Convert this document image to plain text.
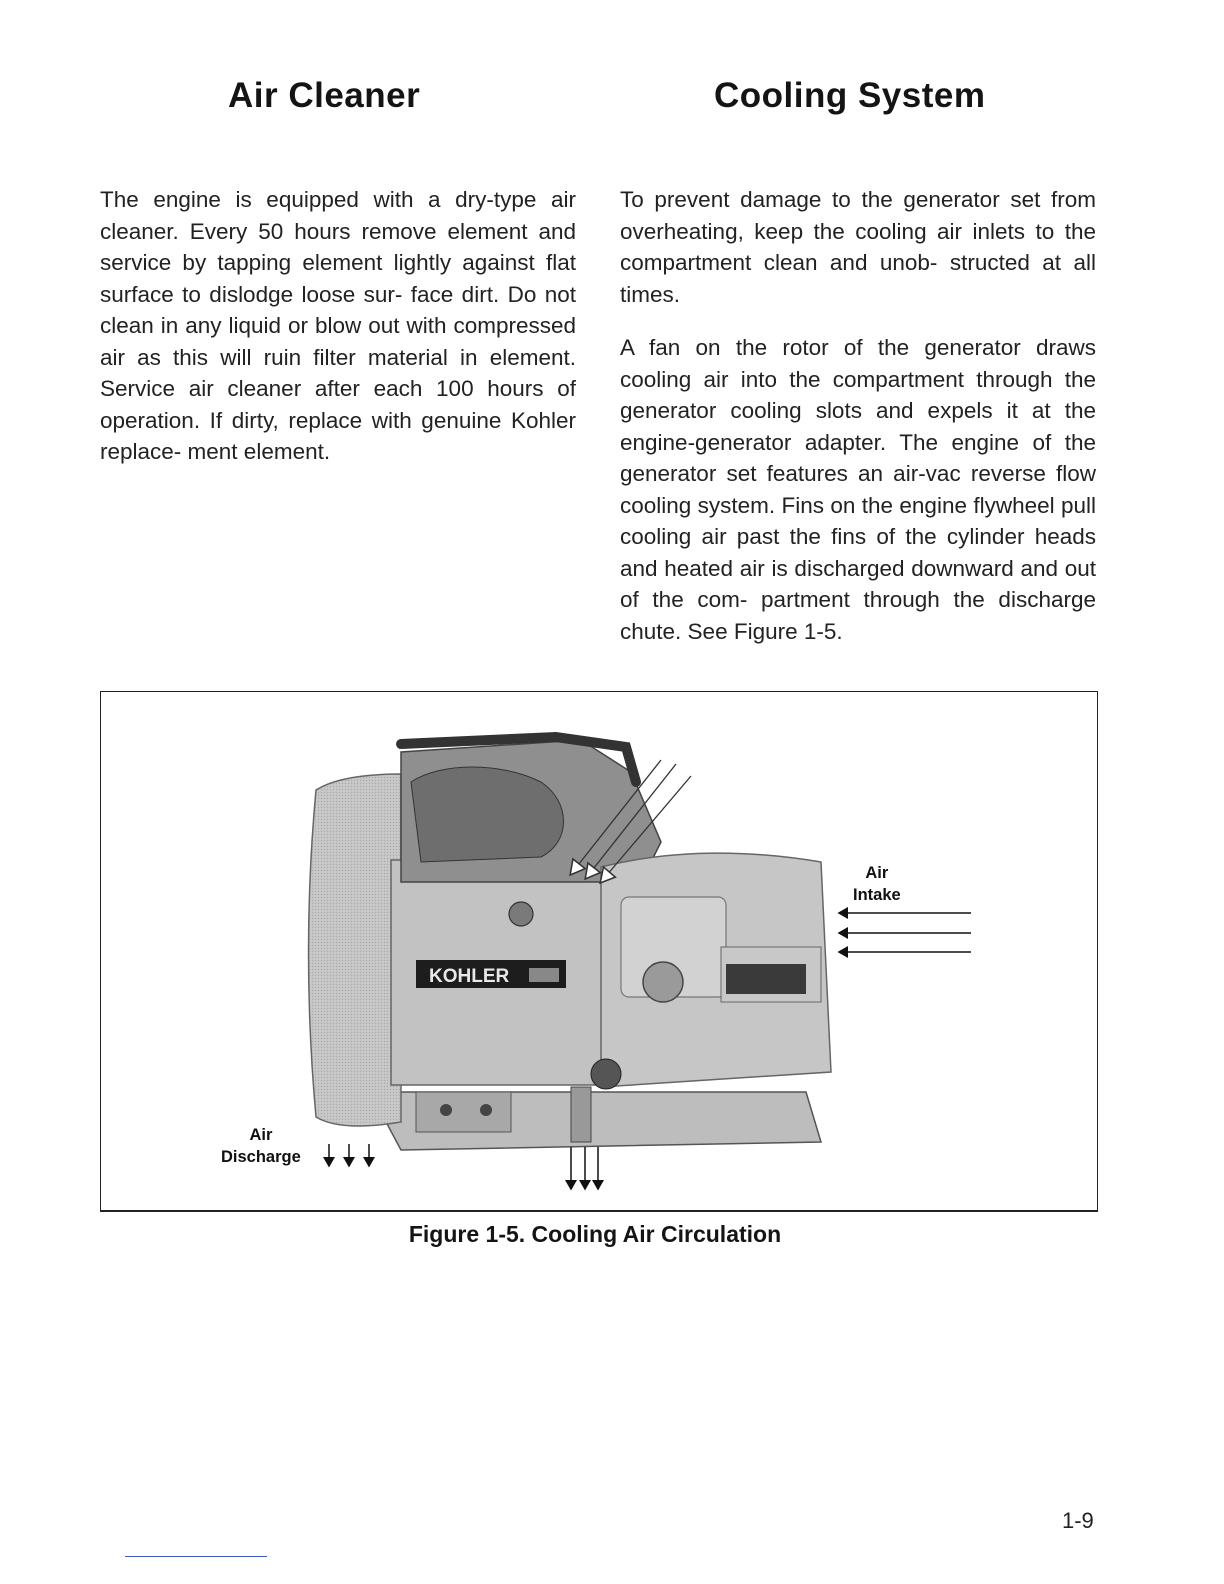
Air Cleaner	Cooling System

The engine is equipped with a dry-type air cleaner. Every 50 hours remove element and service by tapping element lightly against flat surface to dislodge loose sur- face dirt. Do not clean in any liquid or blow out with compressed air as this will ruin filter material in element. Service air cleaner after each 100 hours of operation. If dirty, replace with genuine Kohler replace- ment element.

To prevent damage to the generator set from overheating, keep the cooling air inlets to the compartment clean and unob- structed at all times.

A fan on the rotor of the generator draws cooling air into the compartment through the generator cooling slots and expels it at the engine-generator adapter. The engine of the generator set features an air-vac reverse flow cooling system. Fins on the engine flywheel pull cooling air past the fins of the cylinder heads and heated air is discharged downward and out of the com- partment through the discharge chute. See Figure 1-5.

KOHLER
Air
Intake
Air
Discharge
Figure 1-5. Cooling Air Circulation
1-9
